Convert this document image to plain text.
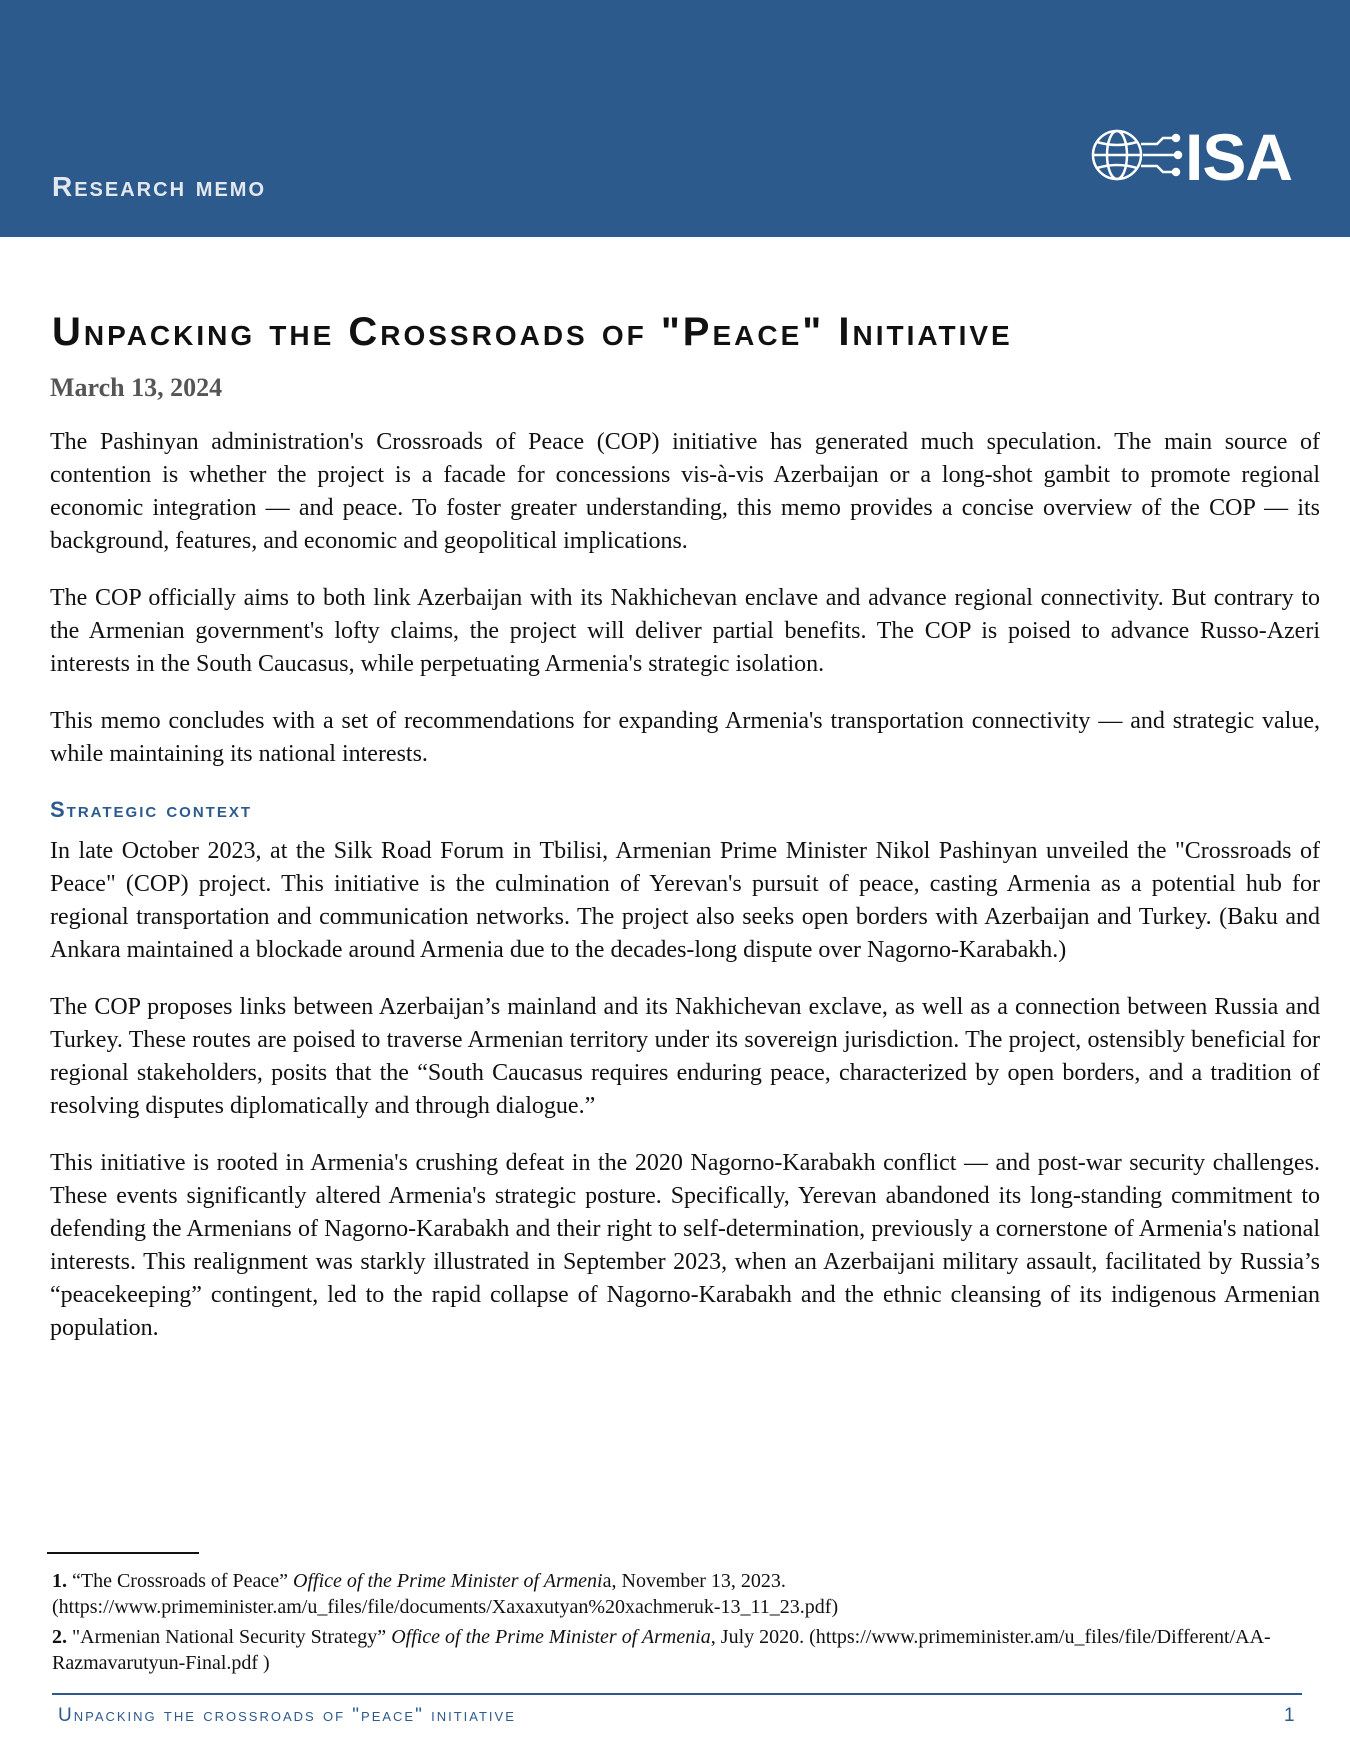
Research memo	ISA
Unpacking the Crossroads of "Peace" Initiative
March 13, 2024

The Pashinyan administration's Crossroads of Peace (COP) initiative has generated much speculation. The main source of contention is whether the project is a facade for concessions vis-à-vis Azerbaijan or a long-shot gambit to promote regional economic integration — and peace. To foster greater understanding, this memo provides a concise overview of the COP — its background, features, and economic and geopolitical implications.

The COP officially aims to both link Azerbaijan with its Nakhichevan enclave and advance regional connectivity. But contrary to the Armenian government's lofty claims, the project will deliver partial benefits. The COP is poised to advance Russo-Azeri interests in the South Caucasus, while perpetuating Armenia's strategic isolation.

This memo concludes with a set of recommendations for expanding Armenia's transportation connectivity — and strategic value, while maintaining its national interests.

Strategic context

In late October 2023, at the Silk Road Forum in Tbilisi, Armenian Prime Minister Nikol Pashinyan unveiled the "Crossroads of Peace" (COP) project. This initiative is the culmination of Yerevan's pursuit of peace, casting Armenia as a potential hub for regional transportation and communication networks. The project also seeks open borders with Azerbaijan and Turkey. (Baku and Ankara maintained a blockade around Armenia due to the decades-long dispute over Nagorno-Karabakh.)

The COP proposes links between Azerbaijan’s mainland and its Nakhichevan exclave, as well as a connection between Russia and Turkey. These routes are poised to traverse Armenian territory under its sovereign jurisdiction. The project, ostensibly beneficial for regional stakeholders, posits that the “South Caucasus requires enduring peace, characterized by open borders, and a tradition of resolving disputes diplomatically and through dialogue.”

This initiative is rooted in Armenia's crushing defeat in the 2020 Nagorno-Karabakh conflict — and post-war security challenges. These events significantly altered Armenia's strategic posture. Specifically, Yerevan abandoned its long-standing commitment to defending the Armenians of Nagorno-Karabakh and their right to self-determination, previously a cornerstone of Armenia's national interests. This realignment was starkly illustrated in September 2023, when an Azerbaijani military assault, facilitated by Russia’s “peacekeeping” contingent, led to the rapid collapse of Nagorno-Karabakh and the ethnic cleansing of its indigenous Armenian population.

1. “The Crossroads of Peace” Office of the Prime Minister of Armenia, November 13, 2023. (https://www.primeminister.am/u_files/file/documents/Xaxaxutyan%20xachmeruk-13_11_23.pdf)
2. "Armenian National Security Strategy” Office of the Prime Minister of Armenia, July 2020. (https://www.primeminister.am/u_files/file/Different/AA-Razmavarutyun-Final.pdf )
Unpacking the crossroads of "peace" initiative	1
